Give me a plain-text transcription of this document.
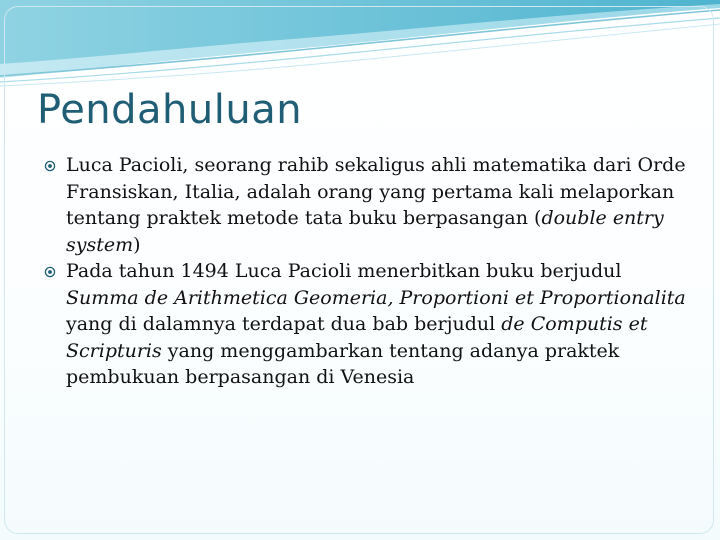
Pendahuluan
Luca Pacioli, seorang rahib sekaligus ahli matematika dari Orde Fransiskan, Italia, adalah orang yang pertama kali melaporkan tentang praktek metode tata buku berpasangan (double entry system)
Pada tahun 1494 Luca Pacioli menerbitkan buku berjudul Summa de Arithmetica Geomeria, Proportioni et Proportionalita yang di dalamnya terdapat dua bab berjudul de Computis et Scripturis yang menggambarkan tentang adanya praktek pembukuan berpasangan di Venesia
